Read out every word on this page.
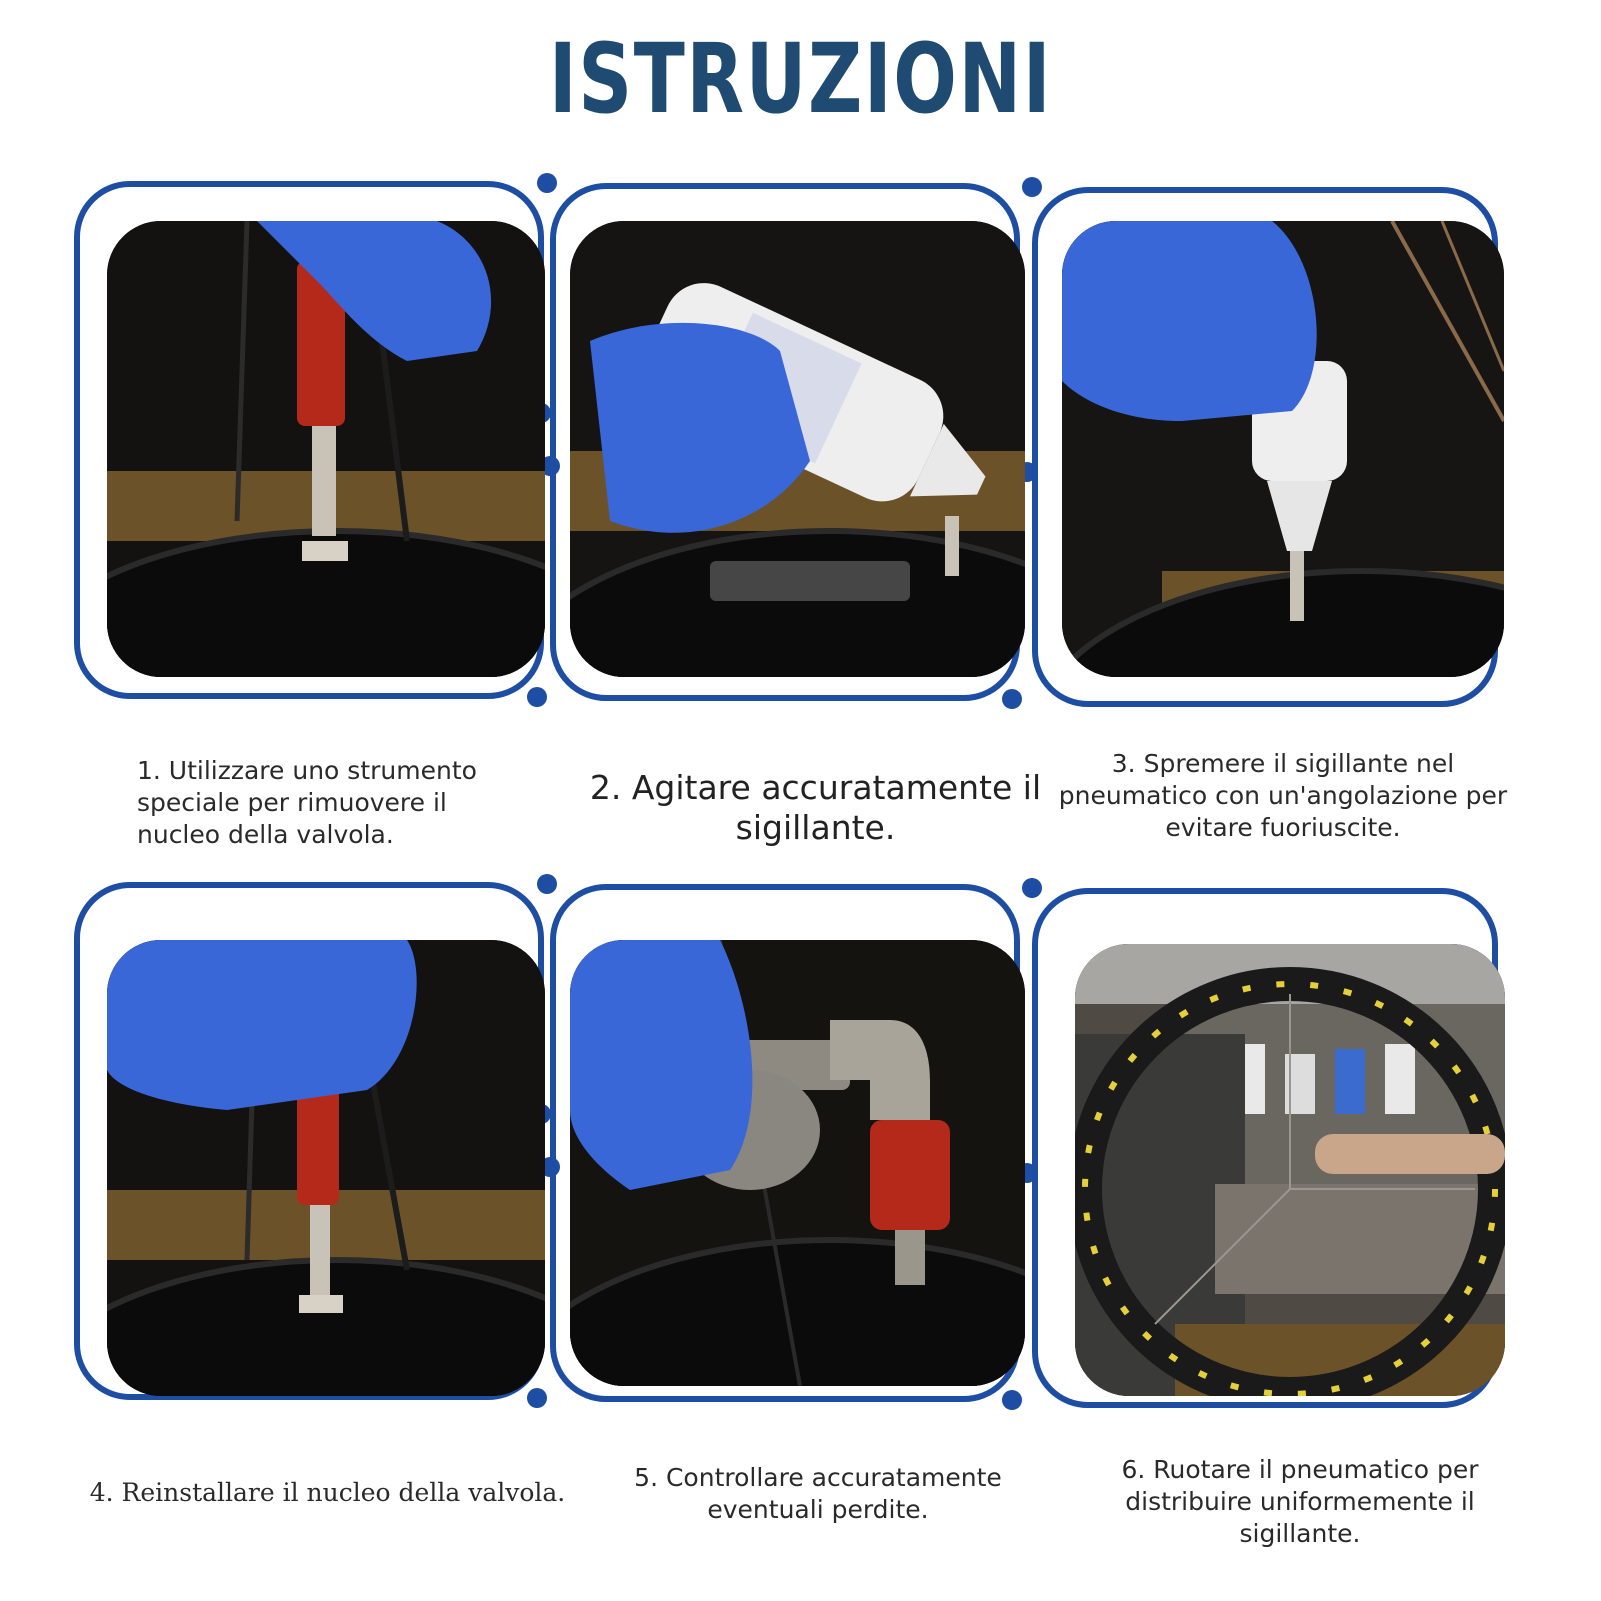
ISTRUZIONI
1. Utilizzare uno strumento speciale per rimuovere il nucleo della valvola.
2. Agitare accuratamente il sigillante.
3. Spremere il sigillante nel pneumatico con un'angolazione per evitare fuoriuscite.
4. Reinstallare il nucleo della valvola.
5. Controllare accuratamente eventuali perdite.
6. Ruotare il pneumatico per distribuire uniformemente il sigillante.
